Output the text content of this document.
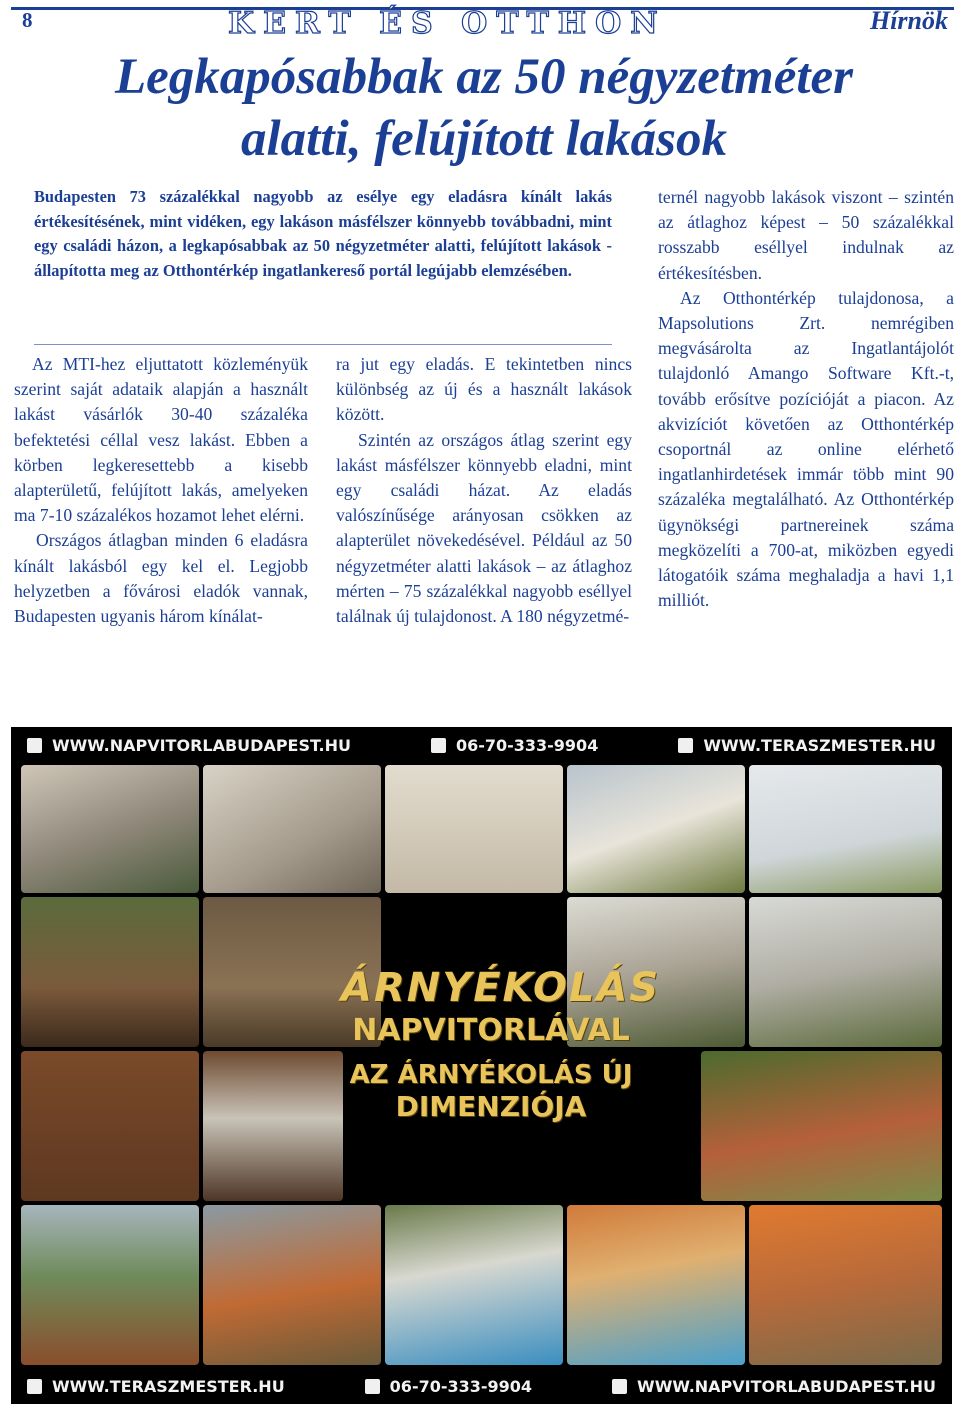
8	KERT ÉS OTTHON	Hírnök
Legkapósabbak az 50 négyzetméter
alatti, felújított lakások

Budapesten 73 százalékkal nagyobb az esélye egy eladásra kínált lakás értékesítésének, mint vidéken, egy lakáson másfélszer könnyebb továbbadni, mint egy családi házon, a legkapósabbak az 50 négyzetméter alatti, felújított lakások - állapította meg az Otthontérkép ingatlankereső portál legújabb elemzésében.

Az MTI-hez eljuttatott közleményük szerint saját adataik alapján a használt lakást vásárlók 30-40 százaléka befektetési céllal vesz lakást. Ebben a körben legkeresettebb a kisebb alapterületű, felújított lakás, amelyeken ma 7-10 százalékos hozamot lehet elérni.

Országos átlagban minden 6 eladásra kínált lakásból egy kel el. Legjobb helyzetben a fővárosi eladók vannak, Budapesten ugyanis három kínálat-

ra jut egy eladás. E tekintetben nincs különbség az új és a használt lakások között.

Szintén az országos átlag szerint egy lakást másfélszer könnyebb eladni, mint egy családi házat. Az eladás valószínűsége arányosan csökken az alapterület növekedésével. Például az 50 négyzetméter alatti lakások – az átlaghoz mérten – 75 százalékkal nagyobb eséllyel találnak új tulajdonost. A 180 négyzetmé-

ternél nagyobb lakások viszont – szintén az átlaghoz képest – 50 százalékkal rosszabb eséllyel indulnak az értékesítésben.

Az Otthontérkép tulajdonosa, a Mapsolutions Zrt. nemrégiben megvásárolta az Ingatlantájolót tulajdonló Amango Software Kft.-t, tovább erősítve pozícióját a piacon. Az akvizíciót követően az Otthontérkép csoportnál az online elérhető ingatlanhirdetések immár több mint 90 százaléka megtalálható. Az Otthontérkép ügynökségi partnereinek száma megközelíti a 700-at, miközben egyedi látogatóik száma meghaladja a havi 1,1 milliót.

WWW.NAPVITORLABUDAPEST.HU	06-70-333-9904	WWW.TERASZMESTER.HU
ÁRNYÉKOLÁS
NAPVITORLÁVAL
AZ ÁRNYÉKOLÁS ÚJ
DIMENZIÓJA
WWW.TERASZMESTER.HU	06-70-333-9904	WWW.NAPVITORLABUDAPEST.HU
